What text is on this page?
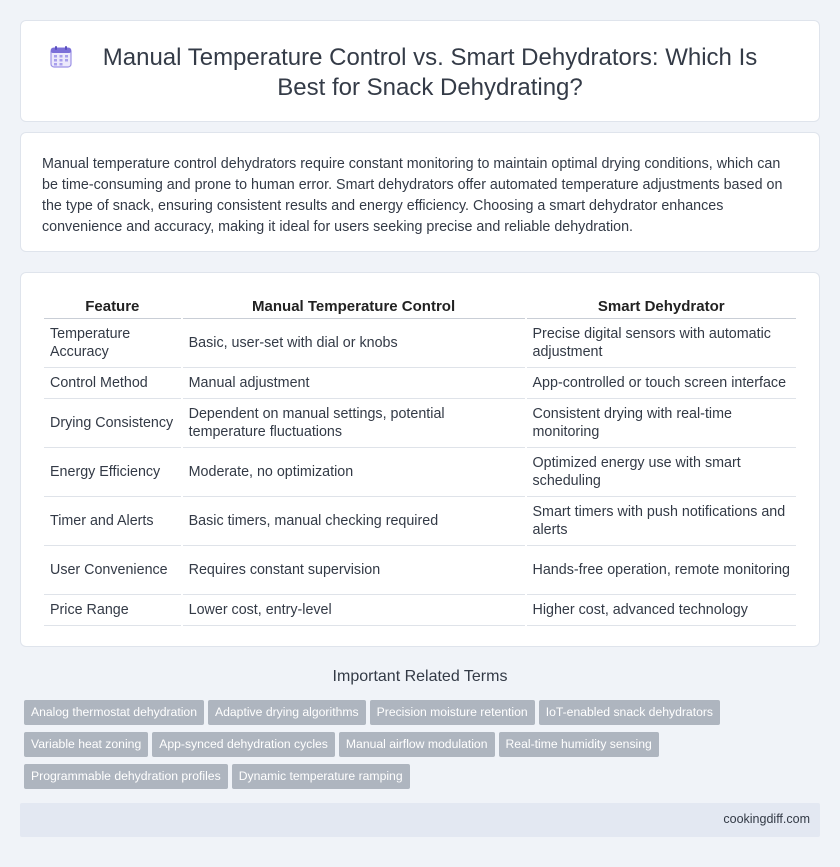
Manual Temperature Control vs. Smart Dehydrators: Which Is Best for Snack Dehydrating?

Manual temperature control dehydrators require constant monitoring to maintain optimal drying conditions, which can be time-consuming and prone to human error. Smart dehydrators offer automated temperature adjustments based on the type of snack, ensuring consistent results and energy efficiency. Choosing a smart dehydrator enhances convenience and accuracy, making it ideal for users seeking precise and reliable dehydration.

Feature	Manual Temperature Control	Smart Dehydrator
Temperature Accuracy	Basic, user-set with dial or knobs	Precise digital sensors with automatic adjustment
Control Method	Manual adjustment	App-controlled or touch screen interface
Drying Consistency	Dependent on manual settings, potential temperature fluctuations	Consistent drying with real-time monitoring
Energy Efficiency	Moderate, no optimization	Optimized energy use with smart scheduling
Timer and Alerts	Basic timers, manual checking required	Smart timers with push notifications and alerts
User Convenience	Requires constant supervision	Hands-free operation, remote monitoring
Price Range	Lower cost, entry-level	Higher cost, advanced technology
Important Related Terms
Analog thermostat dehydration Adaptive drying algorithms Precision moisture retention IoT-enabled snack dehydrators
Variable heat zoning App-synced dehydration cycles Manual airflow modulation Real-time humidity sensing
Programmable dehydration profiles Dynamic temperature ramping
cookingdiff.com
